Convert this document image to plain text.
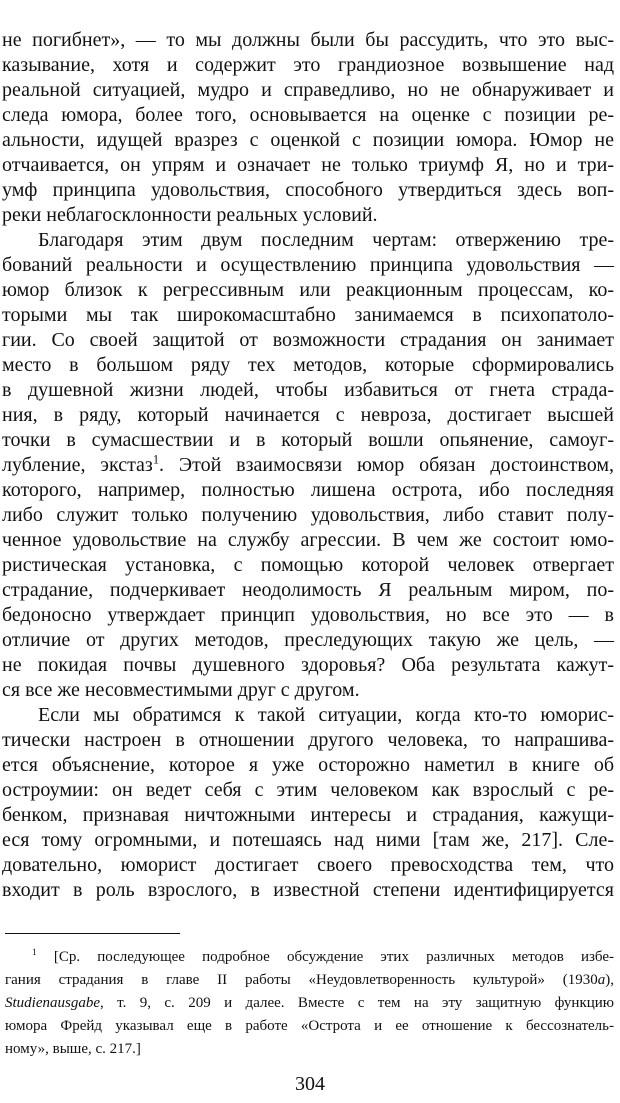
не погибнет», — то мы должны были бы рассудить, что это выс-
казывание, хотя и содержит это грандиозное возвышение над
реальной ситуацией, мудро и справедливо, но не обнаруживает и
следа юмора, более того, основывается на оценке с позиции ре-
альности, идущей вразрез с оценкой с позиции юмора. Юмор не
отчаивается, он упрям и означает не только триумф Я, но и три-
умф принципа удовольствия, способного утвердиться здесь воп-
реки неблагосклонности реальных условий.
Благодаря этим двум последним чертам: отвержению тре-
бований реальности и осуществлению принципа удовольствия —
юмор близок к регрессивным или реакционным процессам, ко-
торыми мы так широкомасштабно занимаемся в психопатоло-
гии. Со своей защитой от возможности страдания он занимает
место в большом ряду тех методов, которые сформировались
в душевной жизни людей, чтобы избавиться от гнета страда-
ния, в ряду, который начинается с невроза, достигает высшей
точки в сумасшествии и в который вошли опьянение, самоуг-
лубление, экстаз$^1$. Этой взаимосвязи юмор обязан достоинством,
которого, например, полностью лишена острота, ибо последняя
либо служит только получению удовольствия, либо ставит полу-
ченное удовольствие на службу агрессии. В чем же состоит юмо-
ристическая установка, с помощью которой человек отвергает
страдание, подчеркивает неодолимость Я реальным миром, по-
бедоносно утверждает принцип удовольствия, но все это — в
отличие от других методов, преследующих такую же цель, —
не покидая почвы душевного здоровья? Оба результата кажут-
ся все же несовместимыми друг с другом.
Если мы обратимся к такой ситуации, когда кто-то юморис-
тически настроен в отношении другого человека, то напрашива-
ется объяснение, которое я уже осторожно наметил в книге об
остроумии: он ведет себя с этим человеком как взрослый с ре-
бенком, признавая ничтожными интересы и страдания, кажущи-
еся тому огромными, и потешаясь над ними [там же, 217]. Сле-
довательно, юморист достигает своего превосходства тем, что
входит в роль взрослого, в известной степени идентифицируется
$^1$ [Ср. последующее подробное обсуждение этих различных методов избе-
гания страдания в главе II работы «Неудовлетворенность культурой» (1930a),
Studienausgabe, т. 9, с. 209 и далее. Вместе с тем на эту защитную функцию
юмора Фрейд указывал еще в работе «Острота и ее отношение к бессознатель-
ному», выше, с. 217.]
304
